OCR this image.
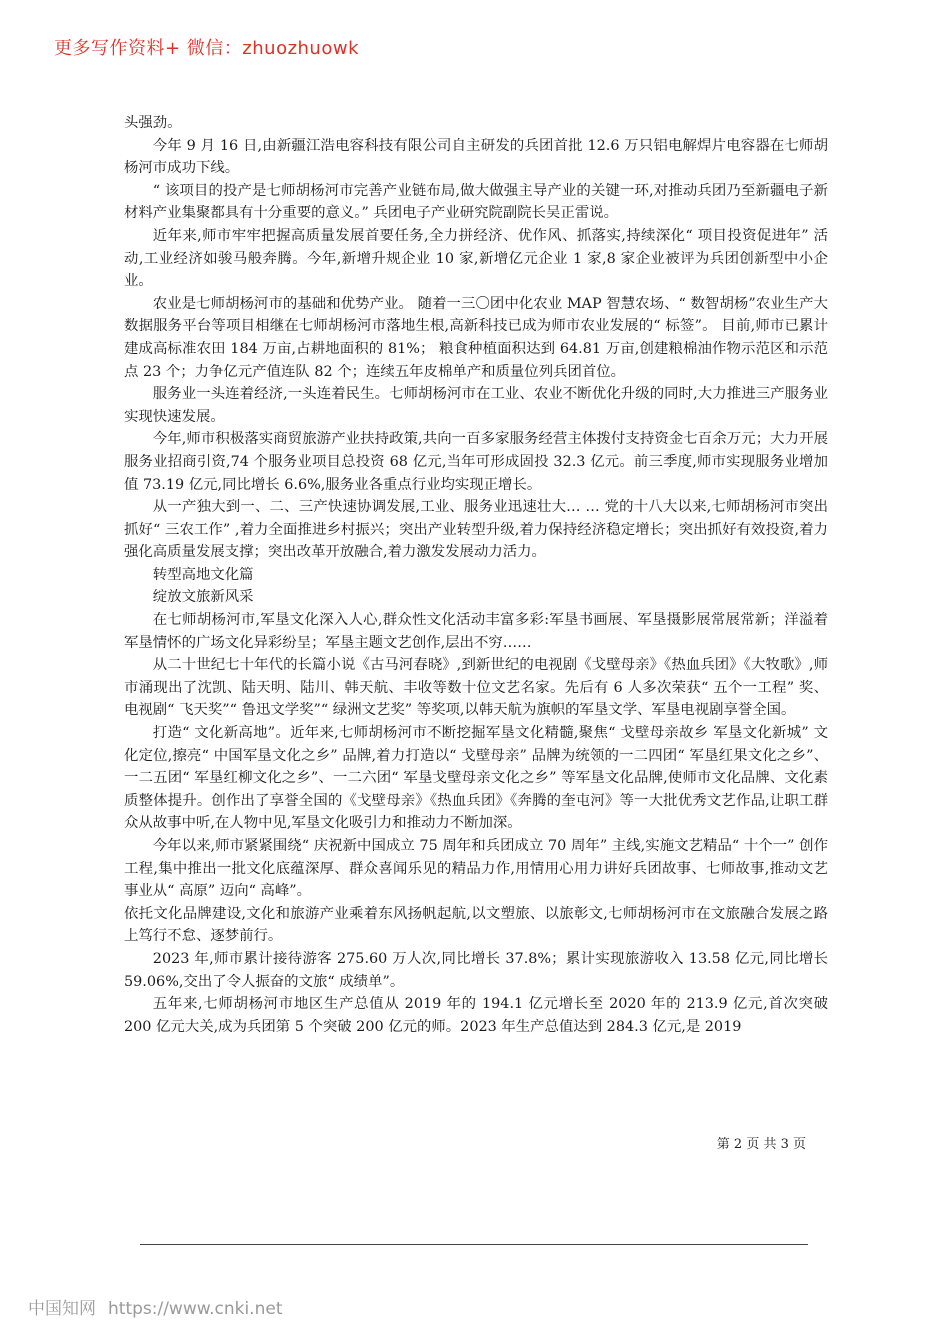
更多写作资料+ 微信：zhuozhuowk

头强劲。

今年 9 月 16 日,由新疆江浩电容科技有限公司自主研发的兵团首批 12.6 万只铝电解焊片电容器在七师胡杨河市成功下线。

“ 该项目的投产是七师胡杨河市完善产业链布局,做大做强主导产业的关键一环,对推动兵团乃至新疆电子新材料产业集聚都具有十分重要的意义。” 兵团电子产业研究院副院长吴正雷说。

近年来,师市牢牢把握高质量发展首要任务,全力拼经济、优作风、抓落实,持续深化“ 项目投资促进年” 活动,工业经济如骏马般奔腾。今年,新增升规企业 10 家,新增亿元企业 1 家,8 家企业被评为兵团创新型中小企业。

农业是七师胡杨河市的基础和优势产业。 随着一三〇团中化农业 MAP 智慧农场、“ 数智胡杨”农业生产大数据服务平台等项目相继在七师胡杨河市落地生根,高新科技已成为师市农业发展的“ 标签”。 目前,师市已累计建成高标准农田 184 万亩,占耕地面积的 81%； 粮食种植面积达到 64.81 万亩,创建粮棉油作物示范区和示范点 23 个；力争亿元产值连队 82 个；连续五年皮棉单产和质量位列兵团首位。

服务业一头连着经济,一头连着民生。七师胡杨河市在工业、农业不断优化升级的同时,大力推进三产服务业实现快速发展。

今年,师市积极落实商贸旅游产业扶持政策,共向一百多家服务经营主体拨付支持资金七百余万元；大力开展服务业招商引资,74 个服务业项目总投资 68 亿元,当年可形成固投 32.3 亿元。前三季度,师市实现服务业增加值 73.19 亿元,同比增长 6.6%,服务业各重点行业均实现正增长。

从一产独大到一、二、三产快速协调发展,工业、服务业迅速壮大… … 党的十八大以来,七师胡杨河市突出抓好“ 三农工作” ,着力全面推进乡村振兴；突出产业转型升级,着力保持经济稳定增长；突出抓好有效投资,着力强化高质量发展支撑；突出改革开放融合,着力激发发展动力活力。

转型高地文化篇

绽放文旅新风采

在七师胡杨河市,军垦文化深入人心,群众性文化活动丰富多彩:军垦书画展、军垦摄影展常展常新；洋溢着军垦情怀的广场文化异彩纷呈；军垦主题文艺创作,层出不穷……

从二十世纪七十年代的长篇小说《古马河春晓》,到新世纪的电视剧《戈壁母亲》《热血兵团》《大牧歌》,师市涌现出了沈凯、陆天明、陆川、韩天航、丰收等数十位文艺名家。先后有 6 人多次荣获“ 五个一工程” 奖、电视剧“ 飞天奖”“ 鲁迅文学奖”“ 绿洲文艺奖” 等奖项,以韩天航为旗帜的军垦文学、军垦电视剧享誉全国。

打造“ 文化新高地”。近年来,七师胡杨河市不断挖掘军垦文化精髓,聚焦“ 戈壁母亲故乡 军垦文化新城” 文化定位,擦亮“ 中国军垦文化之乡” 品牌,着力打造以“ 戈壁母亲” 品牌为统领的一二四团“ 军垦红果文化之乡”、一二五团“ 军垦红柳文化之乡”、一二六团“ 军垦戈壁母亲文化之乡” 等军垦文化品牌,使师市文化品牌、文化素质整体提升。创作出了享誉全国的《戈壁母亲》《热血兵团》《奔腾的奎屯河》等一大批优秀文艺作品,让职工群众从故事中听,在人物中见,军垦文化吸引力和推动力不断加深。

今年以来,师市紧紧围绕“ 庆祝新中国成立 75 周年和兵团成立 70 周年” 主线,实施文艺精品“ 十个一” 创作工程,集中推出一批文化底蕴深厚、群众喜闻乐见的精品力作,用情用心用力讲好兵团故事、七师故事,推动文艺事业从“ 高原” 迈向“ 高峰”。

依托文化品牌建设,文化和旅游产业乘着东风扬帆起航,以文塑旅、以旅彰文,七师胡杨河市在文旅融合发展之路上笃行不怠、逐梦前行。

2023 年,师市累计接待游客 275.60 万人次,同比增长 37.8%；累计实现旅游收入 13.58 亿元,同比增长 59.06%,交出了令人振奋的文旅“ 成绩单”。

五年来,七师胡杨河市地区生产总值从 2019 年的 194.1 亿元增长至 2020 年的 213.9 亿元,首次突破 200 亿元大关,成为兵团第 5 个突破 200 亿元的师。2023 年生产总值达到 284.3 亿元,是 2019

第 2 页 共 3 页
中国知网 https://www.cnki.net
